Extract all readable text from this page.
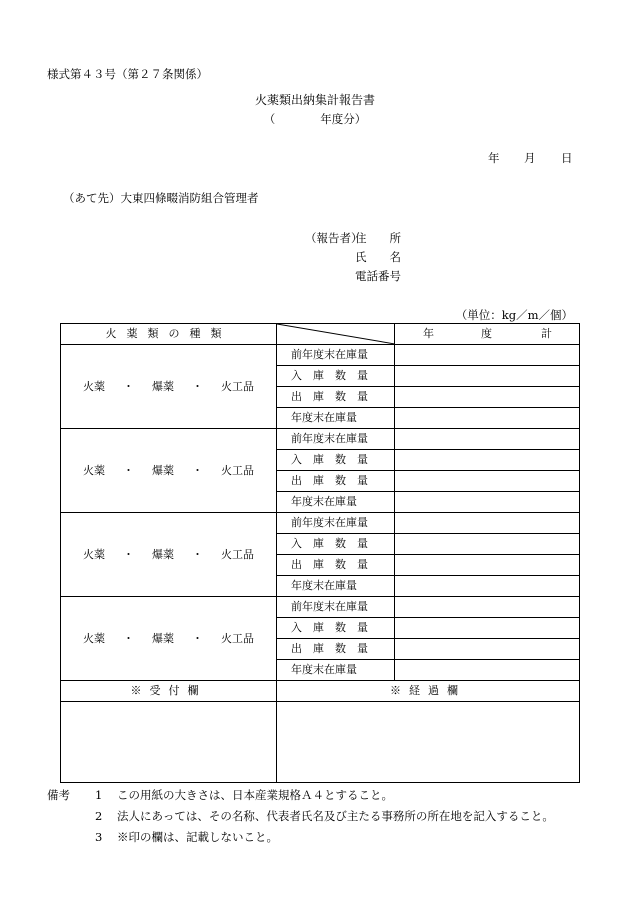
様式第４３号（第２７条関係）
火薬類出納集計報告書
（	年度分）
年 月 日
（あて先）大東四條畷消防組合管理者
（報告者）住　　所
氏　　名
電話番号
（単位：kg／m／個）
火薬類の種類		年 度 計

火薬 ・ 爆薬 ・ 火工品	前年度末在庫量	
	入　庫　数　量	
	出　庫　数　量	
	年度末在庫量	
火薬 ・ 爆薬 ・ 火工品	前年度末在庫量	
	入　庫　数　量	
	出　庫　数　量	
	年度末在庫量	
火薬 ・ 爆薬 ・ 火工品	前年度末在庫量	
	入　庫　数　量	
	出　庫　数　量	
	年度末在庫量	
火薬 ・ 爆薬 ・ 火工品	前年度末在庫量	
	入　庫　数　量	
	出　庫　数　量	
	年度末在庫量	
※受付欄	※経過欄	

備考 1 この用紙の大きさは、日本産業規格Ａ４とすること。
2 法人にあっては、その名称、代表者氏名及び主たる事務所の所在地を記入すること。
3 ※印の欄は、記載しないこと。
